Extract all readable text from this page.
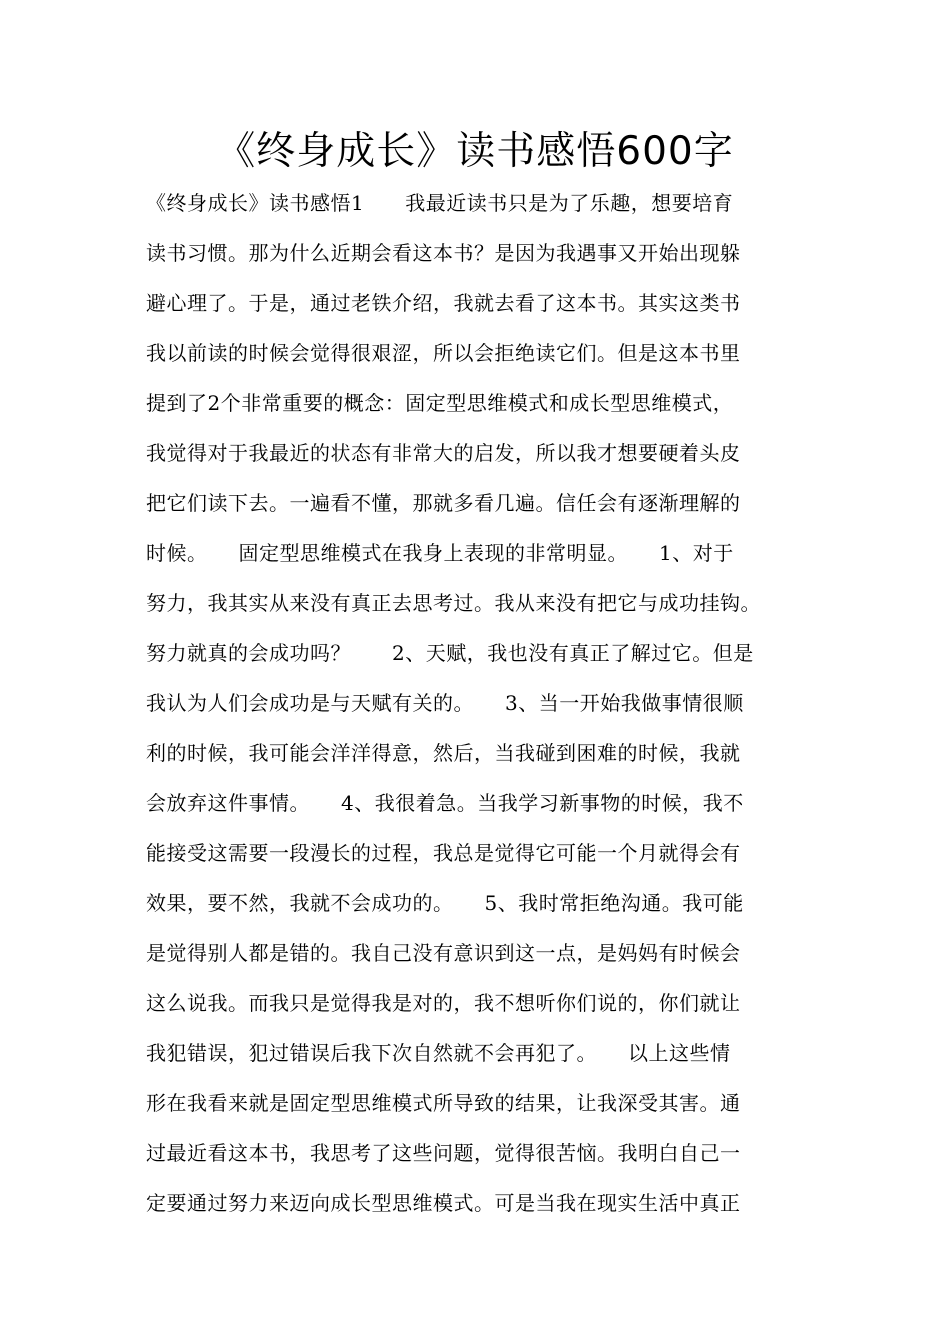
《终身成长》读书感悟600字

《终身成长》读书感悟1　　我最近读书只是为了乐趣，想要培育

读书习惯。那为什么近期会看这本书？是因为我遇事又开始出现躲

避心理了。于是，通过老铁介绍，我就去看了这本书。其实这类书

我以前读的时候会觉得很艰涩，所以会拒绝读它们。但是这本书里

提到了2个非常重要的概念：固定型思维模式和成长型思维模式，

我觉得对于我最近的状态有非常大的启发，所以我才想要硬着头皮

把它们读下去。一遍看不懂，那就多看几遍。信任会有逐渐理解的

时候。　　固定型思维模式在我身上表现的非常明显。　　1、对于

努力，我其实从来没有真正去思考过。我从来没有把它与成功挂钩。

努力就真的会成功吗？　　2、天赋，我也没有真正了解过它。但是

我认为人们会成功是与天赋有关的。　　3、当一开始我做事情很顺

利的时候，我可能会洋洋得意，然后，当我碰到困难的时候，我就

会放弃这件事情。　　4、我很着急。当我学习新事物的时候，我不

能接受这需要一段漫长的过程，我总是觉得它可能一个月就得会有

效果，要不然，我就不会成功的。　　5、我时常拒绝沟通。我可能

是觉得别人都是错的。我自己没有意识到这一点，是妈妈有时候会

这么说我。而我只是觉得我是对的，我不想听你们说的，你们就让

我犯错误，犯过错误后我下次自然就不会再犯了。　　以上这些情

形在我看来就是固定型思维模式所导致的结果，让我深受其害。通

过最近看这本书，我思考了这些问题，觉得很苦恼。我明白自己一

定要通过努力来迈向成长型思维模式。可是当我在现实生活中真正
